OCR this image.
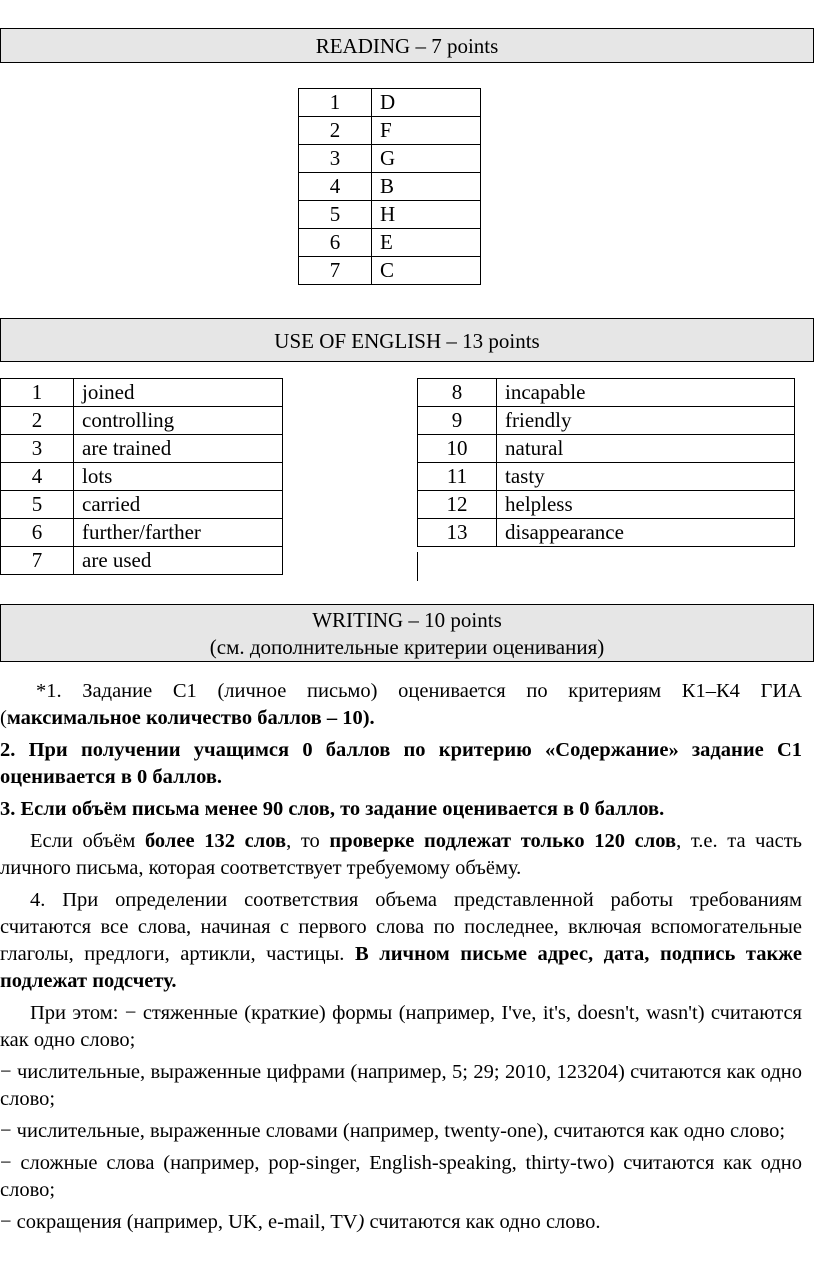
READING – 7 points
1	D
2	F
3	G
4	B
5	H
6	E
7	C
USE OF ENGLISH – 13 points
1	joined
2	controlling
3	are trained
4	lots
5	carried
6	further/farther
7	are used
8	incapable
9	friendly
10	natural
11	tasty
12	helpless
13	disappearance
WRITING – 10 points
(см. дополнительные критерии оценивания)

*1. Задание С1 (личное письмо) оценивается по критериям К1–К4 ГИА (максимальное количество баллов – 10).

2. При получении учащимся 0 баллов по критерию «Содержание» задание С1 оценивается в 0 баллов.

3. Если объём письма менее 90 слов, то задание оценивается в 0 баллов.

Если объём более 132 слов, то проверке подлежат только 120 слов, т.е. та часть личного письма, которая соответствует требуемому объёму.

4. При определении соответствия объема представленной работы требованиям считаются все слова, начиная с первого слова по последнее, включая вспомогательные глаголы, предлоги, артикли, частицы. В личном письме адрес, дата, подпись также подлежат подсчету.

При этом: − стяженные (краткие) формы (например, I've, it's, doesn't, wasn't) считаются как одно слово;

− числительные, выраженные цифрами (например, 5; 29; 2010, 123204) считаются как одно слово;

− числительные, выраженные словами (например, twenty-one), считаются как одно слово;

− сложные слова (например, pop-singer, English-speaking, thirty-two) считаются как одно слово;

− сокращения (например, UK, e-mail, TV) считаются как одно слово.
